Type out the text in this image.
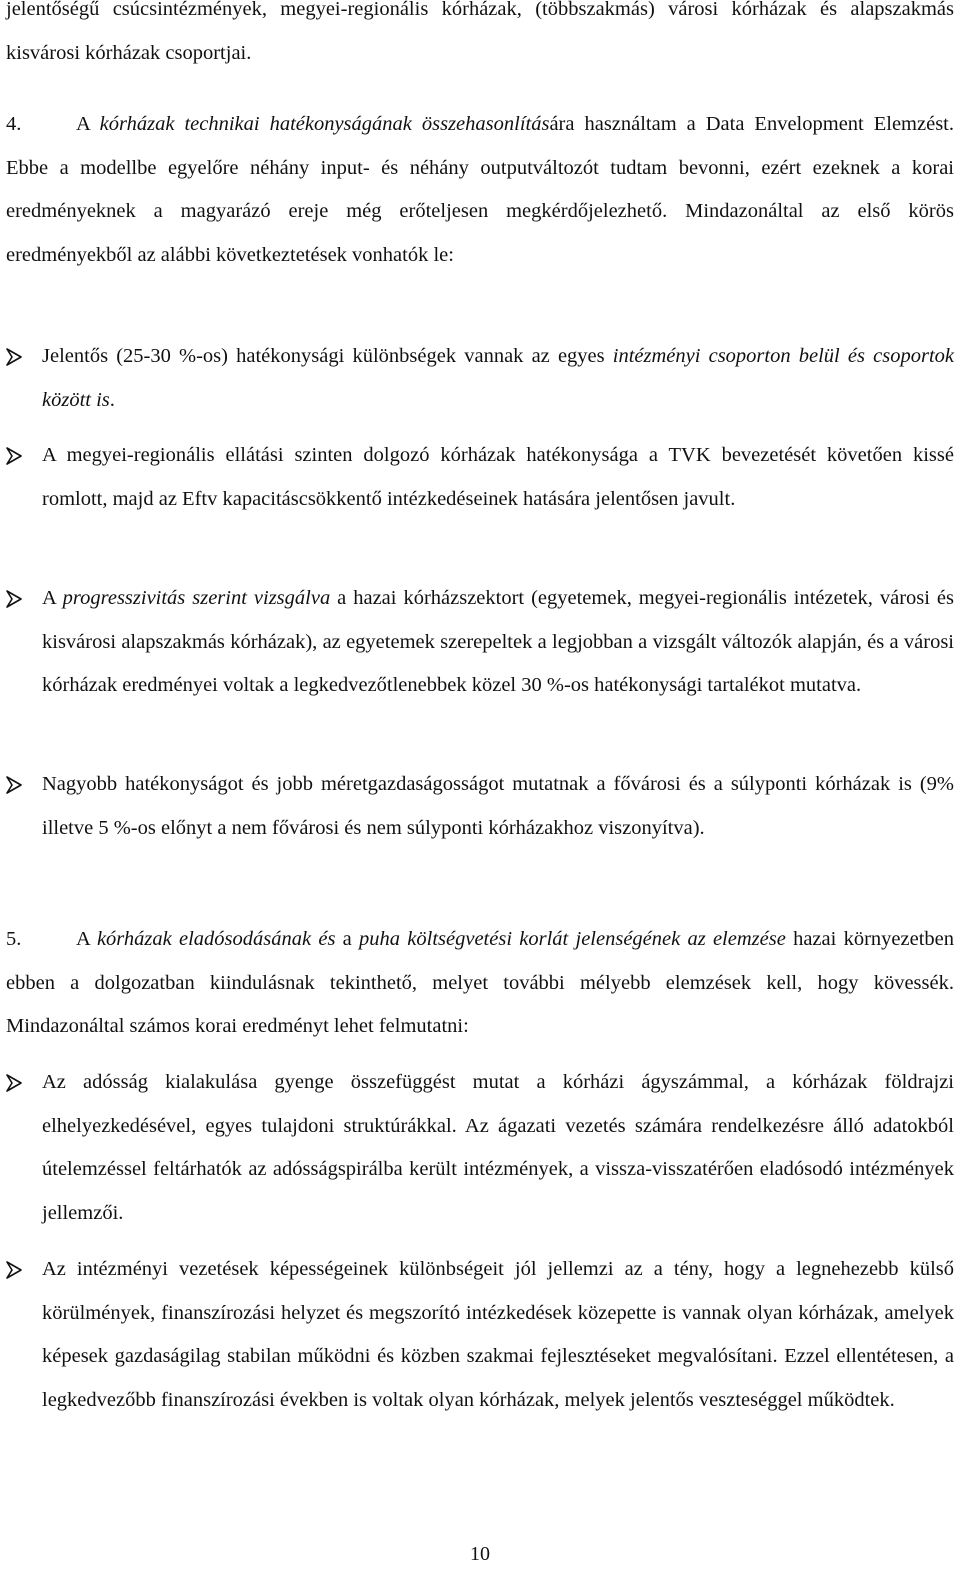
jelentőségű csúcsintézmények, megyei-regionális kórházak, (többszakmás) városi kórházak és alapszakmás kisvárosi kórházak csoportjai.

4.	A kórházak technikai hatékonyságának összehasonlítására használtam a Data Envelopment Elemzést. Ebbe a modellbe egyelőre néhány input- és néhány outputváltozót tudtam bevonni, ezért ezeknek a korai eredményeknek a magyarázó ereje még erőteljesen megkérdőjelezhető. Mindazonáltal az első körös eredményekből az alábbi következtetések vonhatók le:

Jelentős (25-30 %-os) hatékonysági különbségek vannak az egyes intézményi csoporton belül és csoportok között is.
A megyei-regionális ellátási szinten dolgozó kórházak hatékonysága a TVK bevezetését követően kissé romlott, majd az Eftv kapacitáscsökkentő intézkedéseinek hatására jelentősen javult.
A progresszivitás szerint vizsgálva a hazai kórházszektort (egyetemek, megyei-regionális intézetek, városi és kisvárosi alapszakmás kórházak), az egyetemek szerepeltek a legjobban a vizsgált változók alapján, és a városi kórházak eredményei voltak a legkedvezőtlenebbek közel 30 %-os hatékonysági tartalékot mutatva.
Nagyobb hatékonyságot és jobb méretgazdaságosságot mutatnak a fővárosi és a súlyponti kórházak is (9% illetve 5 %-os előnyt a nem fővárosi és nem súlyponti kórházakhoz viszonyítva).

5.	A kórházak eladósodásának és a puha költségvetési korlát jelenségének az elemzése hazai környezetben ebben a dolgozatban kiindulásnak tekinthető, melyet további mélyebb elemzések kell, hogy kövessék. Mindazonáltal számos korai eredményt lehet felmutatni:

Az adósság kialakulása gyenge összefüggést mutat a kórházi ágyszámmal, a kórházak földrajzi elhelyezkedésével, egyes tulajdoni struktúrákkal. Az ágazati vezetés számára rendelkezésre álló adatokból útelemzéssel feltárhatók az adósságspirálba került intézmények, a vissza-visszatérően eladósodó intézmények jellemzői.
Az intézményi vezetések képességeinek különbségeit jól jellemzi az a tény, hogy a legnehezebb külső körülmények, finanszírozási helyzet és megszorító intézkedések közepette is vannak olyan kórházak, amelyek képesek gazdaságilag stabilan működni és közben szakmai fejlesztéseket megvalósítani. Ezzel ellentétesen, a legkedvezőbb finanszírozási években is voltak olyan kórházak, melyek jelentős veszteséggel működtek.
10
